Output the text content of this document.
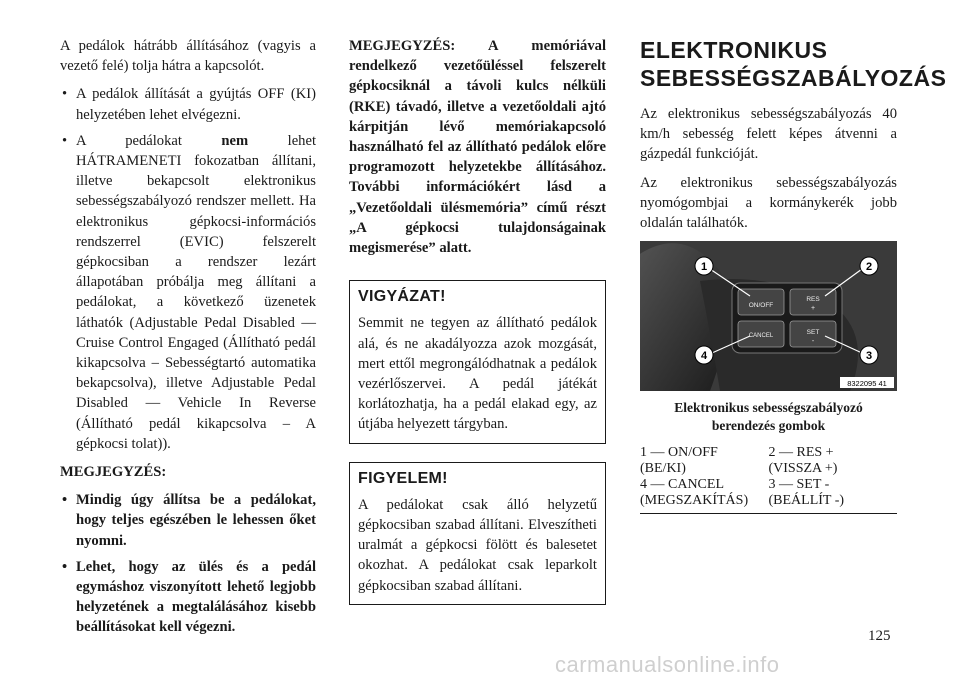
A pedálok hátrább állításához (vagyis a vezető felé) tolja hátra a kapcsolót.

• A pedálok állítását a gyújtás OFF (KI) helyzetében lehet elvégezni.
• A pedálokat nem lehet HÁTRAMENETI fokozatban állítani, illetve bekapcsolt elektronikus sebességszabályozó rendszer mellett. Ha elektronikus gépkocsi-információs rendszerrel (EVIC) felszerelt gépkocsiban a rendszer lezárt állapotában próbálja meg állítani a pedálokat, a következő üzenetek láthatók (Adjustable Pedal Disabled — Cruise Control Engaged (Állítható pedál kikapcsolva – Sebességtartó automatika bekapcsolva), illetve Adjustable Pedal Disabled — Vehicle In Reverse (Állítható pedál kikapcsolva – A gépkocsi tolat)).
MEGJEGYZÉS:
• Mindig úgy állítsa be a pedálokat, hogy teljes egészében le lehessen őket nyomni.
• Lehet, hogy az ülés és a pedál egymáshoz viszonyított lehető legjobb helyzetének a megtalálásához kisebb beállításokat kell végezni.

MEGJEGYZÉS: A memóriával rendelkező vezetőüléssel felszerelt gépkocsiknál a távoli kulcs nélküli (RKE) távadó, illetve a vezetőoldali ajtó kárpitján lévő memóriakapcsoló használható fel az állítható pedálok előre programozott helyzetekbe állításához. További információkért lásd a „Vezetőoldali ülésmemória” című részt „A gépkocsi tulajdonságainak megismerése” alatt.

VIGYÁZAT!

Semmit ne tegyen az állítható pedálok alá, és ne akadályozza azok mozgását, mert ettől megrongálódhatnak a pedálok vezérlőszervei. A pedál játékát korlátozhatja, ha a pedál elakad egy, az útjába helyezett tárgyban.

FIGYELEM!

A pedálokat csak álló helyzetű gépkocsiban szabad állítani. Elveszítheti uralmát a gépkocsi fölött és balesetet okozhat. A pedálokat csak leparkolt gépkocsiban szabad állítani.

ELEKTRONIKUS SEBESSÉGSZABÁLYOZÁS

Az elektronikus sebességszabályozás 40 km/h sebesség felett képes átvenni a gázpedál funkcióját.

Az elektronikus sebességszabályozás nyomógombjai a kormánykerék jobb oldalán találhatók.

ON/OFF
RES
+
CANCEL	SET
-
1	2
3
4
8322095 41
Elektronikus sebességszabályozó
berendezés gombok
1 — ON/OFF	2 — RES +
(BE/KI)	(VISSZA +)
4 — CANCEL	3 — SET -
(MEGSZAKÍTÁS)	(BEÁLLÍT -)
125
carmanualsonline.info
